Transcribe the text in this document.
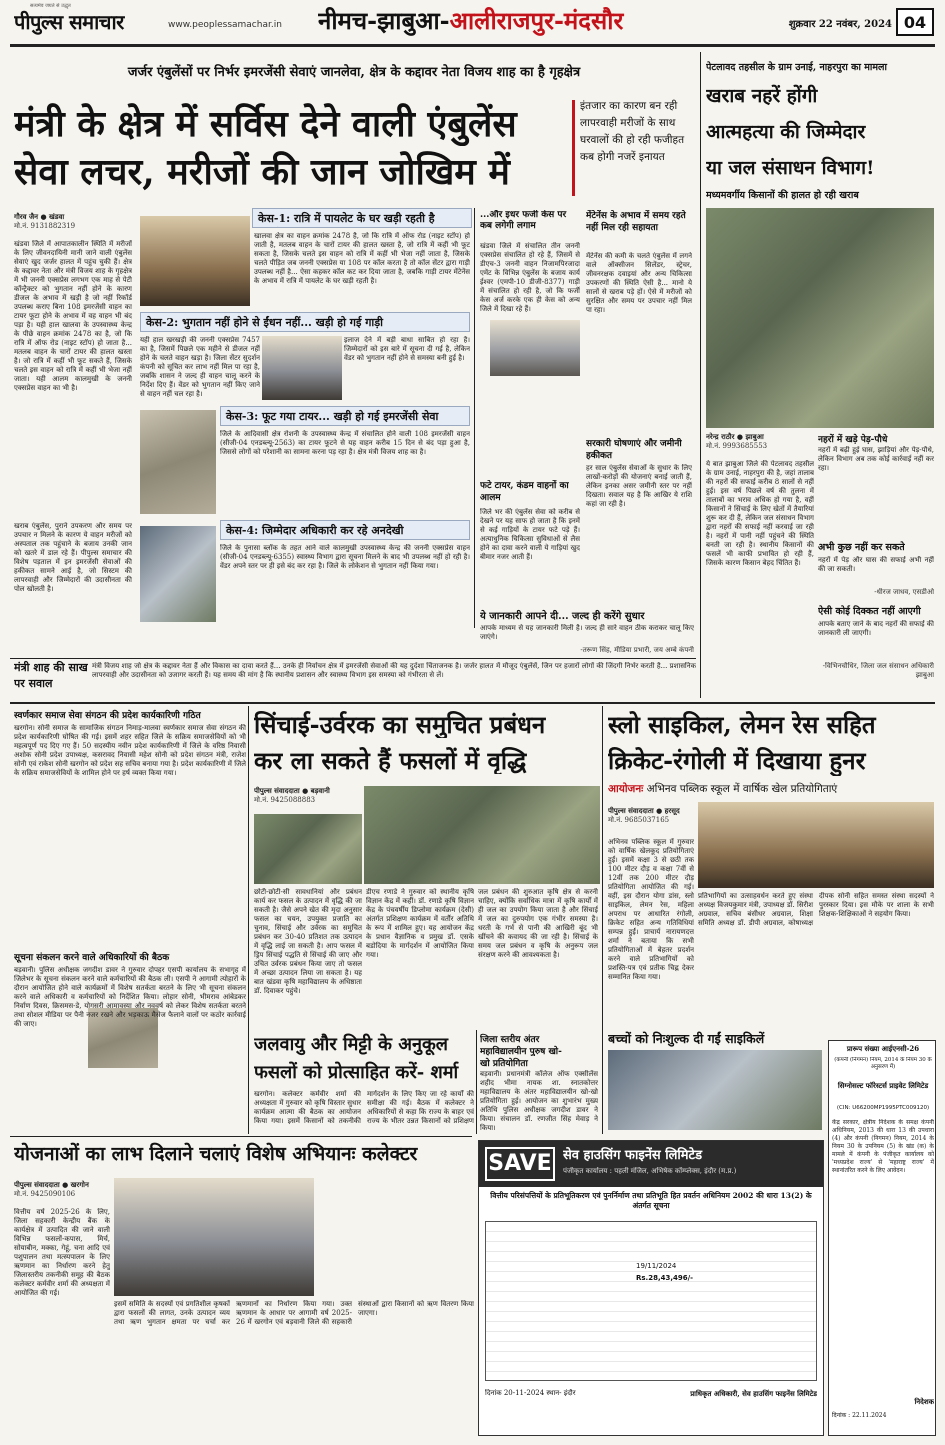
सत्यमेव जयते से उद्धृत
पीपुल्स समाचार	www.peoplessamachar.in	नीमच-झाबुआ-आलीराजपुर-मंदसौर	शुक्रवार 22 नवंबर, 2024 04
जर्जर एंबुलेंसों पर निर्भर इमरजेंसी सेवाएं जानलेवा, क्षेत्र के कद्दावर नेता विजय शाह का है गृहक्षेत्र
मंत्री के क्षेत्र में सर्विस देने वाली एंबुलेंस
सेवा लचर, मरीजों की जान जोखिम में
इंतजार का कारण बन रही लापरवाही मरीजों के साथ घरवालों की हो रही फजीहत कब होगी नजरें इनायत
गौरव जैन ● खंडवा
मो.नं. 9131882319
खंडवा जिले में आपातकालीन स्थिति में मरीजों के लिए जीवनदायिनी मानी जाने वाली एंबुलेंस सेवाएं खुद जर्जर हालत में पहुंच चुकी हैं। क्षेत्र के कद्दावर नेता और मंत्री विजय शाह के गृहक्षेत्र में भी जननी एक्सप्रेस लगभग एक माह से पेटी कॉन्ट्रैक्टर को भुगतान नहीं होने के कारण डीजल के अभाव में खड़ी है जो नहीं रिकॉर्ड उपलब्ध कराए बिना 108 इमरजेंसी वाहन का टायर फूटा होने के अभाव में वह वाहन भी बंद पड़ा है। यही हाल खालवा के उपस्वास्थ्य केन्द्र के पीछे वाहन क्रमांक 2478 का है, जो कि रात्रि में ऑफ रोड (नाइट स्टॉप) हो जाता है... मतलब वाहन के चारों टायर की हालत खस्ता है। जो रात्रि में कहीं भी फूट सकते हैं, जिसके चलते इस वाहन को रात्रि में कहीं भी भेजा नहीं जाता। यही आलम कालमुखी के जननी एक्सप्रेस वाहन का भी है।
खराब एंबुलेंस, पुराने उपकरण और समय पर उपचार न मिलने के कारण ये वाहन मरीजों को अस्पताल तक पहुंचाने के बजाय उनकी जान को खतरे में डाल रहे हैं। पीपुल्स समाचार की विशेष पड़ताल में इन इमरजेंसी सेवाओं की हकीकत सामने आई है, जो सिस्टम की लापरवाही और जिम्मेदारों की उदासीनता की पोल खोलती है।
केस-1: रात्रि में पायलेट के घर खड़ी रहती है
खालवा क्षेत्र का वाहन क्रमांक 2478 है, जो कि रात्रि में ऑफ रोड (नाइट स्टॉप) हो जाती है, मतलब वाहन के चारों टायर की हालत खस्ता है, जो रात्रि में कहीं भी फूट सकता है, जिसके चलते इस वाहन को रात्रि में कहीं भी भेजा नहीं जाता है, जिसके चलते पीड़ित जब जननी एक्सप्रेस या 108 पर कॉल करता है तो कॉल सेंटर द्वारा गाड़ी उपलब्ध नहीं है... ऐसा कहकर कॉल कट कर दिया जाता है, जबकि गाड़ी टायर मेंटेनेंस के अभाव में रात्रि में पायलेट के घर खड़ी रहती है।
केस-2: भुगतान नहीं होने से ईंधन नहीं... खड़ी हो गई गाड़ी
यही हाल खरखड़ी की जननी एक्सप्रेस 7457 का है, जिसमें पिछले एक महीने से डीजल नहीं होने के चलते वाहन खड़ा है। जिला सेंटर सुदर्शन कंपनी को सूचित कर लाभ नहीं मिल पा रहा है, जबकि शासन ने जल्द ही वाहन चालू करने के निर्देश दिए हैं। वेंडर को भुगतान नहीं किए जाने से वाहन नहीं चल रहा है।
इलाज देने में बड़ी बाधा साबित हो रहा है। जिम्मेदारों को इस बारे में सूचना दी गई है, लेकिन वेंडर को भुगतान नहीं होने से समस्या बनी हुई है।
केस-3: फूट गया टायर... खड़ी हो गई इमरजेंसी सेवा
जिले के आदिवासी क्षेत्र रोशनी के उपस्वास्थ्य केन्द्र में संचालित होने वाली 108 इमरजेंसी वाहन (सीजी-04 एनडब्ल्यू-2563) का टायर फूटने से यह वाहन करीब 15 दिन से बंद पड़ा हुआ है, जिससे लोगों को परेशानी का सामना करना पड़ रहा है। क्षेत्र मंत्री विजय शाह का है।
केस-4: जिम्मेदार अधिकारी कर रहे अनदेखी
जिले के पुनासा ब्लॉक के तहत आने वाले कालमुखी उपस्वास्थ्य केन्द्र की जननी एक्सप्रेस वाहन (सीजी-04 एनडब्ल्यू-6355) स्वास्थ्य विभाग द्वारा सूचना मिलने के बाद भी उपलब्ध नहीं हो रही है। वेंडर अपने स्तर पर ही इसे बंद कर रहा है। जिले के लोकेशन से भुगतान नहीं किया गया।
...और इधर फर्जी केस पर कब लगेगी लगाम
खंडवा जिले में संचालित तीन जननी एक्सप्रेस संचालित हो रहे हैं, जिसमें से डीएच-3 जननी वाहन निजामपिरजादा एमेंट के विभिन्न एंबुलेंस के बजाय कार्य ईश्वर (एमपी-10 डीजी-8377) गाड़ी में संचालित हो रही है, जो कि फर्जी केस अर्ज करके एक ही केस को अन्य जिले में दिखा रहे हैं।
फटे टायर, कंडम वाहनों का आलम
जिले भर की एंबुलेंस सेवा को करीब से देखने पर यह साफ हो जाता है कि इनमें से कई गाड़ियों के टायर फटे पड़े हैं। अत्याधुनिक चिकित्सा सुविधाओं से लैस होने का दावा करने वाली ये गाड़ियां खुद बीमार नजर आती हैं।
मेंटेनेंस के अभाव में समय रहते नहीं मिल रही सहायता
मेंटेनेंस की कमी के चलते एंबुलेंस में लगने वाले ऑक्सीजन सिलेंडर, स्ट्रेचर, जीवनरक्षक दवाइयां और अन्य चिकित्सा उपकरणों की स्थिति ऐसी है... मानो ये सालों से खराब पड़े हों। ऐसे में मरीजों को सुरक्षित और समय पर उपचार नहीं मिल पा रहा।
सरकारी घोषणाएं और जमीनी हकीकत
हर साल एंबुलेंस सेवाओं के सुधार के लिए लाखों-करोड़ों की योजनाएं बनाई जाती हैं, लेकिन इनका असर जमीनी स्तर पर नहीं दिखता। सवाल यह है कि आखिर ये राशि कहां जा रही है।
ये जानकारी आपने दी... जल्द ही करेंगे सुधार
आपके माध्यम से यह जानकारी मिली है। जल्द ही सारे वाहन ठीक कराकर चालू किए जाएंगे।
-तरूण सिंह, मीडिया प्रभारी, जय अम्बे कंपनी
मंत्री शाह की साख पर सवाल
मंत्री विजय शाह जो क्षेत्र के कद्दावर नेता हैं और विकास का दावा करते हैं... उनके ही निर्वाचन क्षेत्र में इमरजेंसी सेवाओं की यह दुर्दशा चिंताजनक है। जर्जर हालत में मौजूद एंबुलेंसें, जिन पर हजारों लोगों की जिंदगी निर्भर करती है... प्रशासनिक लापरवाही और उदासीनता को उजागर करती हैं। यह समय की मांग है कि स्थानीय प्रशासन और स्वास्थ्य विभाग इस समस्या को गंभीरता से लें।
पेटलावद तहसील के ग्राम उनाई, नाहरपुरा का मामला
खराब नहरें होंगी
आत्महत्या की जिम्मेदार
या जल संसाधन विभाग!
मध्यमवर्गीय किसानों की हालत हो रही खराब
नहरों में खड़े पेड़-पौधे
नहरों में बढ़ी हुई घास, झाड़ियां और पेड़-पौधे, लेकिन विभाग अब तक कोई कार्रवाई नहीं कर रहा।
नरेन्द्र राठौर ● झाबुआ
मो.नं. 9993685553
ये बात झाबुआ जिले की पेटलावद तहसील के ग्राम उनाई, नाहरपुरा की है, जहां तालाब की नहरों की सफाई करीब 8 सालों से नहीं हुई। इस वर्ष पिछले वर्ष की तुलना में तालाबों का भराव अधिक हो गया है, वहीं किसानों ने सिंचाई के लिए खेतों में तैयारियां शुरू कर दी हैं, लेकिन जल संसाधन विभाग द्वारा नहरों की सफाई नहीं करवाई जा रही है। नहरों में पानी नहीं पहुंचने की स्थिति बनती जा रही है। स्थानीय किसानों की फसलें भी काफी प्रभावित हो रही हैं, जिसके कारण किसान बेहद चिंतित हैं।
अभी कुछ नहीं कर सकते
नहरों में पेड़ और घास की सफाई अभी नहीं की जा सकती।
-धीरज जाधव, एसडीओ
ऐसी कोई दिक्कत नहीं आएगी
आपके बताए जाने के बाद नहरों की सफाई की जानकारी ली जाएगी।
-विभिनचौधिर, जिला जल संसाधन अधिकारी झाबुआ
स्वर्णकार समाज सेवा संगठन की प्रदेश कार्यकारिणी गठित
खरगोन। सोनी समाज के सामाजिक संगठन निमाड़-मालवा स्वर्णकार समाज सेवा संगठन की प्रदेश कार्यकारिणी घोषित की गई। इसमें शहर सहित जिले के सक्रिय समाजसेवियों को भी महत्वपूर्ण पद दिए गए हैं। 50 सदस्यीय नवीन प्रदेश कार्यकारिणी में जिले के वरिष्ठ निवासी अशोक सोनी प्रदेश उपाध्यक्ष, कसरावद निवासी महेश सोनी को प्रदेश संगठन मंत्री, राजेश सोनी एवं राकेश सोनी खरगोन को प्रदेश सह सचिव बनाया गया है। प्रदेश कार्यकारिणी में जिले के सक्रिय समाजसेवियों के शामिल होने पर हर्ष व्यक्त किया गया।
सूचना संकलन करने वाले अधिकारियों की बैठक
बड़वानी। पुलिस अधीक्षक जगदीश डावर ने गुरुवार दोपहर एसपी कार्यालय के सभागृह में जिलेभर के सूचना संकलन करने वाले कर्मचारियों की बैठक ली। एसपी ने आगामी त्योहारों के दौरान आयोजित होने वाले कार्यक्रमों में विशेष सतर्कता बरतने के लिए भी सूचना संकलन करने वाले अधिकारी व कर्मचारियों को निर्देशित किया। लोहार सोनी, भीमराव आंबेडकर निर्वाण दिवस, क्रिसमस-डे, योगसरी आमावस्या और नववर्ष को लेकर विशेष सतर्कता बरतने तथा सोशल मीडिया पर पैनी नजर रखने और भड़काऊ मैसेज फैलाने वालों पर कठोर कार्रवाई की जाए।
सिंचाई-उर्वरक का समुचित प्रबंधन
कर ला सकते हैं फसलों में वृद्धि
पीपुल्स संवाददाता ● बड़वानी
मो.नं. 9425088883
छोटी-छोटी-सी सावधानियां और प्रबंधन कार्य कर फसल के उत्पादन में वृद्धि की जा सकती है। जैसे अपने खेत की मृदा अनुसार फसल का चयन, उपयुक्त प्रजाति का चुनाव, सिंचाई और उर्वरक का समुचित प्रबंधन कर 30-40 प्रतिशत तक उत्पादन में वृद्धि लाई जा सकती है। आप फसल में ड्रिप सिंचाई पद्धति से सिंचाई की जाए और उचित उर्वरक प्रबंधन किया जाए तो फसल में अच्छा उत्पादन लिया जा सकता है। यह बात खंडवा कृषि महाविद्यालय के अधिष्ठाता डॉ. दिवाकर पहुंचे।
डीएच रणाडे ने गुरुवार को स्थानीय कृषि विज्ञान केंद्र में कहीं। डॉ. रणाडे कृषि विज्ञान केंद्र के पंचवर्षीय डिप्लोमा कार्यक्रम (देसी) अंतर्गत प्रशिक्षण कार्यक्रम में वर्तौर अतिथि के रूप में शामिल हुए। यह आयोजन केंद्र के प्रधान वैज्ञानिक व प्रमुख डॉ. एसके बडोदिया के मार्गदर्शन में आयोजित किया गया।
जल प्रबंधन की शुरुआत कृषि क्षेत्र से करनी चाहिए, क्योंकि सर्वाधिक मात्रा में कृषि कार्यों में ही जल का उपयोग किया जाता है और सिंचाई में जल का दुरुपयोग एक गंभीर समस्या है। धरती के गर्भ से पानी की आखिरी बूंद भी खींचने की कवायद की जा रही है। सिंचाई के समय जल प्रबंधन व कृषि के अनुरूप जल संरक्षण करने की आवश्यकता है।
जलवायु और मिट्टी के अनुकूल
फसलों को प्रोत्साहित करें- शर्मा
खरगोन। कलेक्टर कर्मवीर शर्मा की अध्यक्षता में गुरुवार को कृषि विस्तार सुधार कार्यक्रम आत्मा की बैठक का आयोजन किया गया। इसमें किसानों को तकनीकी मार्गदर्शन के लिए किए जा रहे कार्यों की समीक्षा की गई। बैठक में कलेक्टर ने अधिकारियों से कहा कि राज्य के बाहर एवं राज्य के भीतर उन्नत किसानों को प्रशिक्षण
जिला स्तरीय अंतर
महाविद्यालयीन पुरुष खो-
खो प्रतियोगिता
बड़वानी। प्रधानमंत्री कॉलेज ऑफ एक्सीलेंस शहीद भीमा नायक शा. स्नातकोत्तर महाविद्यालय के अंतर महाविद्यालयीन खो-खो प्रतियोगिता हुई। आयोजन का शुभारंभ मुख्य अतिथि पुलिस अधीक्षक जगदीश डावर ने किया। संचालन डॉ. रणजीत सिंह मेवाड़ ने किया।
स्लो साइकिल, लेमन रेस सहित
क्रिकेट-रंगोली में दिखाया हुनर
आयोजनः अभिनव पब्लिक स्कूल में वार्षिक खेल प्रतियोगिताएं
पीपुल्स संवाददाता ● हरसूद
मो.नं. 9685037165
अभिनव पब्लिक स्कूल में गुरुवार को वार्षिक खेलकूद प्रतियोगिताएं हुईं। इसमें कक्षा 3 से छठी तक 100 मीटर दौड़ व कक्षा 7वीं से 12वीं तक 200 मीटर दौड़ प्रतियोगिता आयोजित की गई। वहीं, इस दौरान योगा डांस, स्लो साइकिल, लेमन रेस, महिला अपराध पर आधारित रंगोली, क्रिकेट सहित अन्य गतिविधियां सम्पन्न हुईं। प्राचार्य नारायणदत्त शर्मा ने बताया कि सभी प्रतियोगिताओं में बेहतर प्रदर्शन करने वाले प्रतिभागियों को प्रशस्ति-पत्र एवं प्रतीक चिह्न देकर सम्मानित किया गया।
प्रतिभागियों का उत्साहवर्धन करते हुए संस्था अध्यक्ष विजयकुमार मंत्री, उपाध्यक्ष डॉ. सिरीश अग्रवाल, सचिव बंसीधर अग्रवाल, शिक्षा समिति अध्यक्ष डॉ. डीपी अग्रवाल, कोषाध्यक्ष दीपक सोनी सहित समस्त संस्था सदस्यों ने पुरस्कार दिया। इस मौके पर शाला के सभी शिक्षक-शिक्षिकाओं ने सहयोग किया।
बच्चों को निःशुल्क दी गईं साइकिलें
योजनाओं का लाभ दिलाने चलाएं विशेष अभियानः कलेक्टर
पीपुल्स संवाददाता ● खरगोन
मो.नं. 9425090106
वित्तीय वर्ष 2025-26 के लिए, जिला सहकारी केन्द्रीय बैंक के कार्यक्षेत्र में उत्पादित की जाने वाली विभिन्न फसलों-कपास, मिर्च, सोयाबीन, मक्का, गेहूं, चना आदि एवं पशुपालन तथा मत्स्यपालन के लिए ऋणमान का निर्धारण करने हेतु जिलास्तरीय तकनीकी समूह की बैठक कलेक्टर कर्मवीर शर्मा की अध्यक्षता में आयोजित की गई।
इसमें समिति के सदस्यों एवं प्रगतिशील कृषकों द्वारा फसलों की लागत, उनके उत्पादन व्यय तथा ऋण भुगतान क्षमता पर चर्चा कर ऋणमानों का निर्धारण किया गया। उक्त ऋणमान के आधार पर आगामी वर्ष 2025-26 में खरगोन एवं बड़वानी जिले की सहकारी संस्थाओं द्वारा किसानों को ऋण वितरण किया जाएगा।
SAVE सेव हाउसिंग फाइनेंस लिमिटेड
पंजीकृत कार्यालय : पहली मंजिल, अभिषेक कॉम्प्लेक्स, इंदौर (म.प्र.)
वित्तीय परिसंपत्तियों के प्रतिभूतिकरण एवं पुनर्निर्माण तथा प्रतिभूति हित प्रवर्तन अधिनियम 2002 की धारा 13(2) के अंतर्गत सूचना
19/11/2024
Rs.28,43,496/-
दिनांक 20-11-2024 स्थान- इंदौर	प्राधिकृत अधिकारी, सेव हाउसिंग फाइनेंस लिमिटेड
प्रारूप संख्या आईएनसी-26
(कंपनी (निगमन) नियम, 2014 के नियम 30 के अनुसरण में)
सिग्नोसल्ट फॉरेस्टर्स प्राइवेट लिमिटेड
(CIN: U66200MP1995PTC009120)
केंद्र सरकार, क्षेत्रीय निदेशक के समक्ष कंपनी अधिनियम, 2013 की धारा 13 की उपधारा (4) और कंपनी (निगमन) नियम, 2014 के नियम 30 के उपनियम (5) के खंड (क) के मामले में कंपनी के पंजीकृत कार्यालय को 'मध्यप्रदेश राज्य' से 'महाराष्ट्र राज्य' में स्थानांतरित करने के लिए आवेदन।
निदेशक
दिनांक : 22.11.2024
